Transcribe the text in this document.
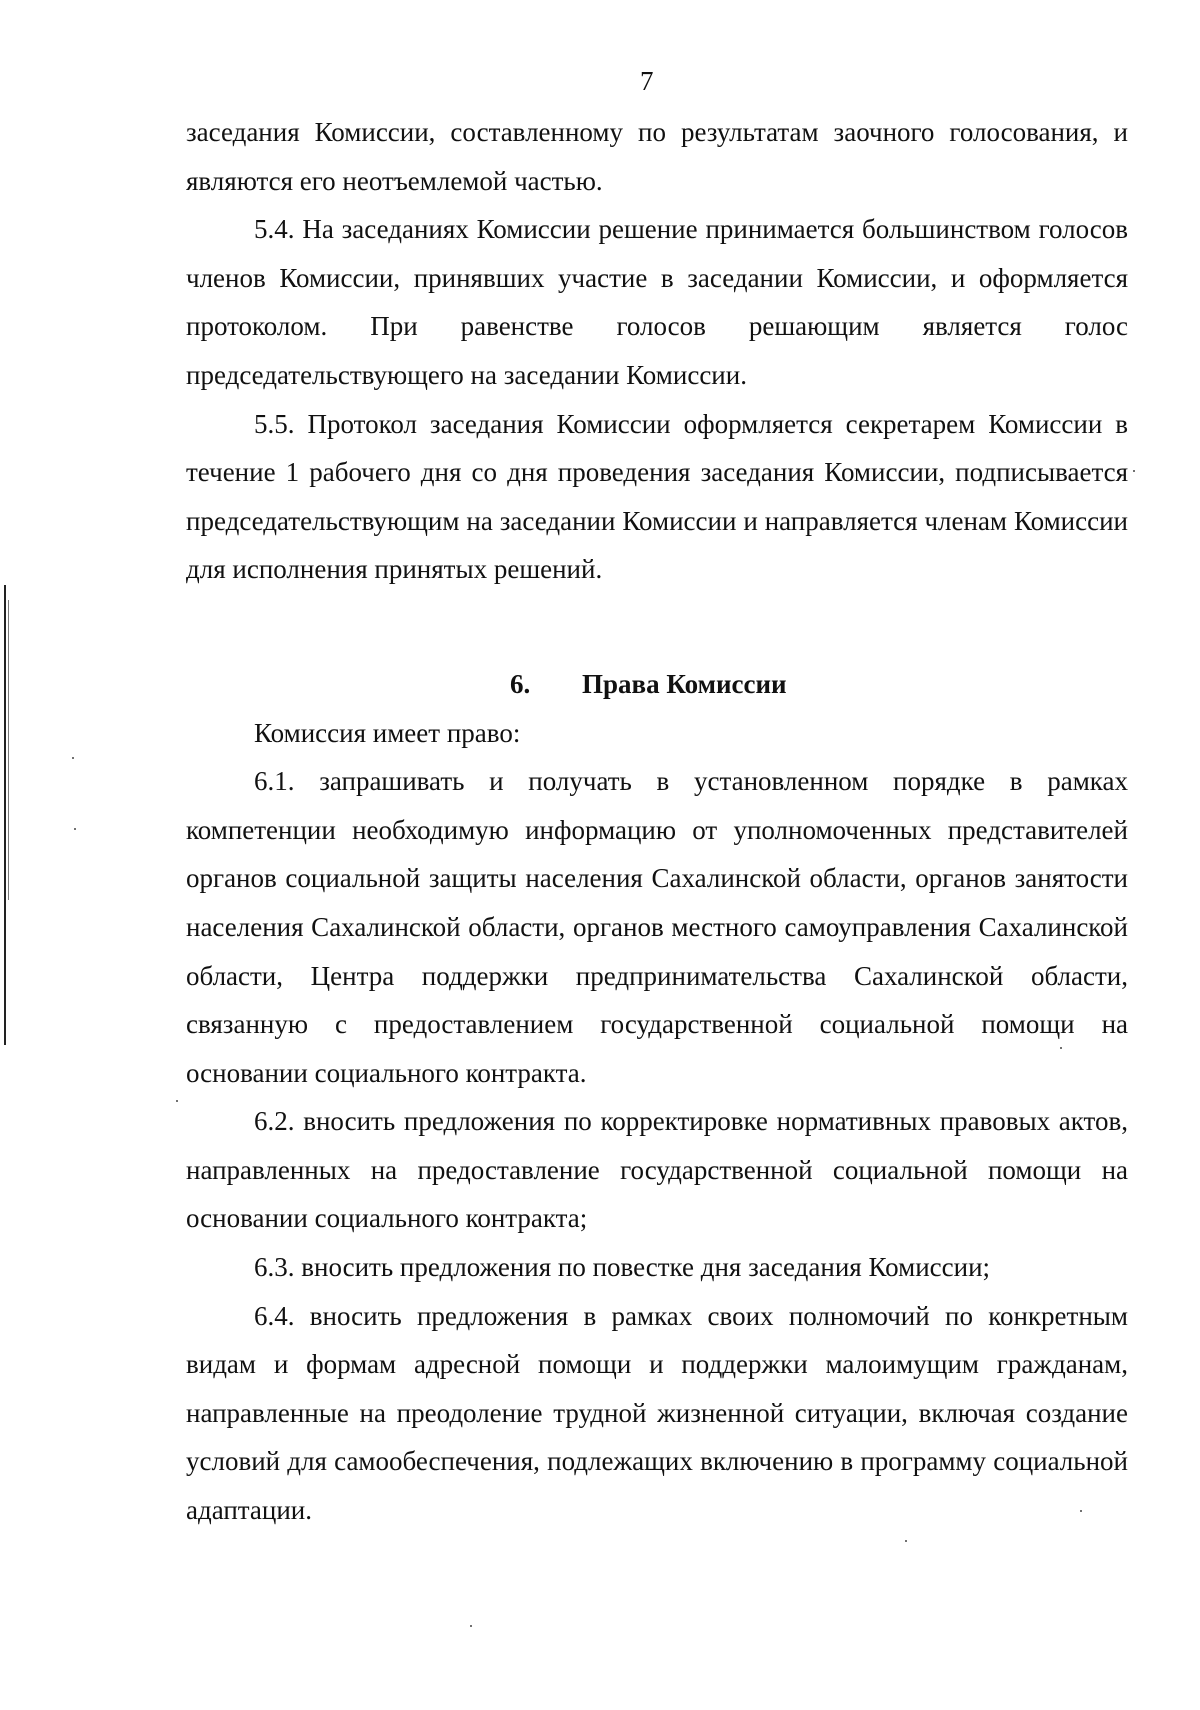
7

заседания Комиссии, составленному по результатам заочного голосования, и являются его неотъемлемой частью.

5.4. На заседаниях Комиссии решение принимается большинством голосов членов Комиссии, принявших участие в заседании Комиссии, и оформляется протоколом. При равенстве голосов решающим является голос председательствующего на заседании Комиссии.

5.5. Протокол заседания Комиссии оформляется секретарем Комиссии в течение 1 рабочего дня со дня проведения заседания Комиссии, подписывается председательствующим на заседании Комиссии и направляется членам Комиссии для исполнения принятых решений.

6. Права Комиссии

Комиссия имеет право:

6.1. запрашивать и получать в установленном порядке в рамках компетенции необходимую информацию от уполномоченных представителей органов социальной защиты населения Сахалинской области, органов занятости населения Сахалинской области, органов местного самоуправления Сахалинской области, Центра поддержки предпринимательства Сахалинской области, связанную с предоставлением государственной социальной помощи на основании социального контракта.

6.2. вносить предложения по корректировке нормативных правовых актов, направленных на предоставление государственной социальной помощи на основании социального контракта;

6.3. вносить предложения по повестке дня заседания Комиссии;

6.4. вносить предложения в рамках своих полномочий по конкретным видам и формам адресной помощи и поддержки малоимущим гражданам, направленные на преодоление трудной жизненной ситуации, включая создание условий для самообеспечения, подлежащих включению в программу социальной адаптации.
